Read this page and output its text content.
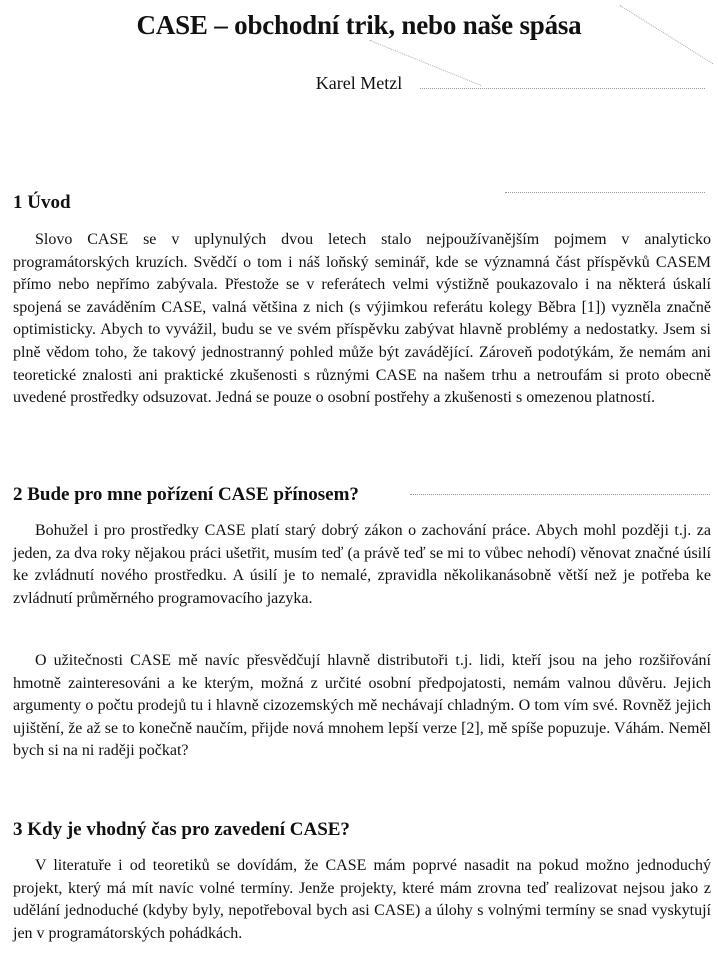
CASE – obchodní trik, nebo naše spása

Karel Metzl

1 Úvod

Slovo CASE se v uplynulých dvou letech stalo nejpoužívanějším pojmem v analyticko programátorských kruzích. Svědčí o tom i náš loňský seminář, kde se významná část příspěvků CASEM přímo nebo nepřímo zabývala. Přestože se v referátech velmi výstižně poukazovalo i na některá úskalí spojená se zaváděním CASE, valná většina z nich (s výjimkou referátu kolegy Běbra [1]) vyzněla značně optimisticky. Abych to vyvážil, budu se ve svém příspěvku zabývat hlavně problémy a nedostatky. Jsem si plně vědom toho, že takový jednostranný pohled může být zavádějící. Zároveň podotýkám, že nemám ani teoretické znalosti ani praktické zkušenosti s různými CASE na našem trhu a netroufám si proto obecně uvedené prostředky odsuzovat. Jedná se pouze o osobní postřehy a zkušenosti s omezenou platností.

2 Bude pro mne pořízení CASE přínosem?

Bohužel i pro prostředky CASE platí starý dobrý zákon o zachování práce. Abych mohl později t.j. za jeden, za dva roky nějakou práci ušetřit, musím teď (a právě teď se mi to vůbec nehodí) věnovat značné úsilí ke zvládnutí nového prostředku. A úsilí je to nemalé, zpravidla několikanásobně větší než je potřeba ke zvládnutí průměrného programovacího jazyka.

O užitečnosti CASE mě navíc přesvědčují hlavně distributoři t.j. lidi, kteří jsou na jeho rozšiřování hmotně zainteresováni a ke kterým, možná z určité osobní předpojatosti, nemám valnou důvěru. Jejich argumenty o počtu prodejů tu i hlavně cizozemských mě nechávají chladným. O tom vím své. Rovněž jejich ujištění, že až se to konečně naučím, přijde nová mnohem lepší verze [2], mě spíše popuzuje. Váhám. Neměl bych si na ni raději počkat?

3 Kdy je vhodný čas pro zavedení CASE?

V literatuře i od teoretiků se dovídám, že CASE mám poprvé nasadit na pokud možno jednoduchý projekt, který má mít navíc volné termíny. Jenže projekty, které mám zrovna teď realizovat nejsou jako z udělání jednoduché (kdyby byly, nepotřeboval bych asi CASE) a úlohy s volnými termíny se snad vyskytují jen v programátorských pohádkách.
